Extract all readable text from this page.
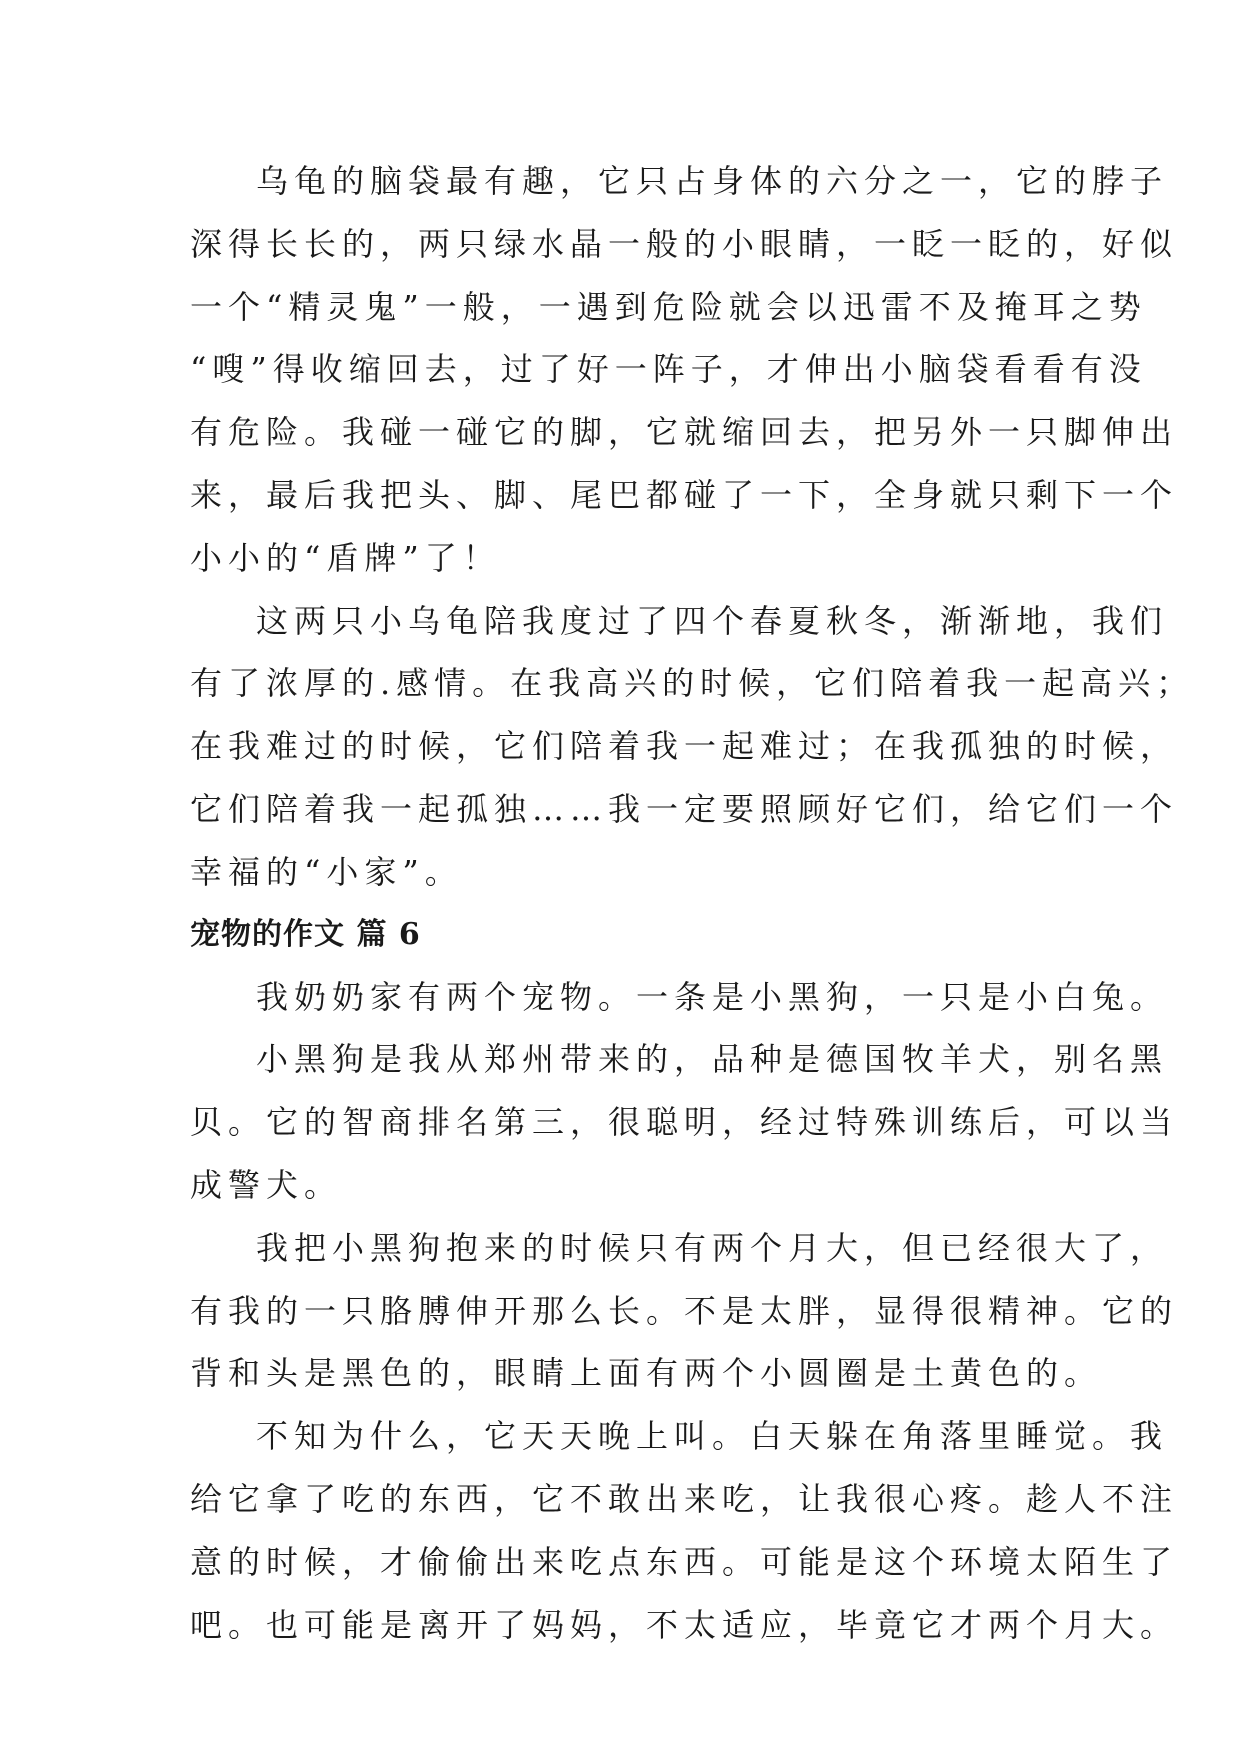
乌龟的脑袋最有趣，它只占身体的六分之一，它的脖子
深得长长的，两只绿水晶一般的小眼睛，一眨一眨的，好似
一个“精灵鬼”一般，一遇到危险就会以迅雷不及掩耳之势
“嗖”得收缩回去，过了好一阵子，才伸出小脑袋看看有没
有危险。我碰一碰它的脚，它就缩回去，把另外一只脚伸出
来，最后我把头、脚、尾巴都碰了一下，全身就只剩下一个
小小的“盾牌”了！

这两只小乌龟陪我度过了四个春夏秋冬，渐渐地，我们
有了浓厚的.感情。在我高兴的时候，它们陪着我一起高兴；
在我难过的时候，它们陪着我一起难过；在我孤独的时候，
它们陪着我一起孤独……我一定要照顾好它们，给它们一个
幸福的“小家”。

宠物的作文 篇 6

我奶奶家有两个宠物。一条是小黑狗，一只是小白兔。

小黑狗是我从郑州带来的，品种是德国牧羊犬，别名黑
贝。它的智商排名第三，很聪明，经过特殊训练后，可以当
成警犬。

我把小黑狗抱来的时候只有两个月大，但已经很大了，
有我的一只胳膊伸开那么长。不是太胖，显得很精神。它的
背和头是黑色的，眼睛上面有两个小圆圈是土黄色的。

不知为什么，它天天晚上叫。白天躲在角落里睡觉。我
给它拿了吃的东西，它不敢出来吃，让我很心疼。趁人不注
意的时候，才偷偷出来吃点东西。可能是这个环境太陌生了
吧。也可能是离开了妈妈，不太适应，毕竟它才两个月大。
